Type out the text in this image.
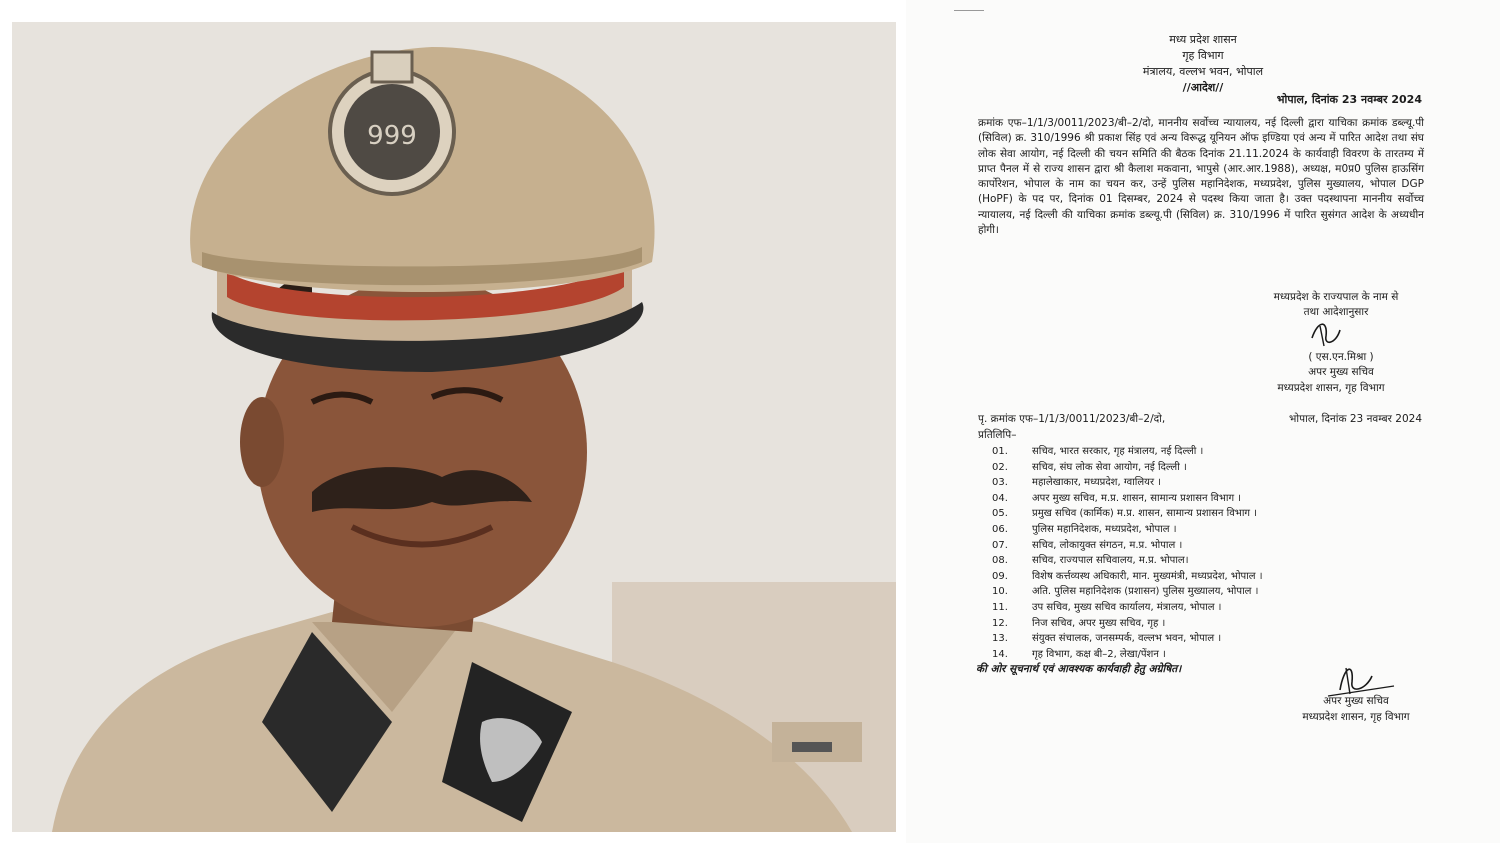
999
मध्य प्रदेश शासन
गृह विभाग
मंत्रालय, वल्लभ भवन, भोपाल
//आदेश//
भोपाल, दिनांक 23 नवम्बर 2024
क्रमांक एफ–1/1/3/0011/2023/बी–2/दो, माननीय सर्वोच्च न्यायालय, नई दिल्ली द्वारा याचिका क्रमांक डब्ल्यू.पी (सिविल) क्र. 310/1996 श्री प्रकाश सिंह एवं अन्य विरूद्ध यूनियन ऑफ इण्डिया एवं अन्य में पारित आदेश तथा संघ लोक सेवा आयोग, नई दिल्ली की चयन समिति की बैठक दिनांक 21.11.2024 के कार्यवाही विवरण के तारतम्य में प्राप्त पैनल में से राज्य शासन द्वारा श्री कैलाश मकवाना, भापुसे (आर.आर.1988), अध्यक्ष, म0प्र0 पुलिस हाऊसिंग कार्पोरेशन, भोपाल के नाम का चयन कर, उन्हें पुलिस महानिदेशक, मध्यप्रदेश, पुलिस मुख्यालय, भोपाल DGP (HoPF) के पद पर, दिनांक 01 दिसम्बर, 2024 से पदस्थ किया जाता है। उक्त पदस्थापना माननीय सर्वोच्च न्यायालय, नई दिल्ली की याचिका क्रमांक डब्ल्यू.पी (सिविल) क्र. 310/1996 में पारित सुसंगत आदेश के अध्यधीन होगी।
मध्यप्रदेश के राज्यपाल के नाम से
तथा आदेशानुसार
( एस.एन.मिश्रा )
अपर मुख्य सचिव
मध्यप्रदेश शासन, गृह विभाग
पृ. क्रमांक एफ–1/1/3/0011/2023/बी–2/दो,	भोपाल, दिनांक 23 नवम्बर 2024
प्रतिलिपि–
01.	सचिव, भारत सरकार, गृह मंत्रालय, नई दिल्ली ।
02.	सचिव, संघ लोक सेवा आयोग, नई दिल्ली ।
03.	महालेखाकार, मध्यप्रदेश, ग्वालियर ।
04.	अपर मुख्य सचिव, म.प्र. शासन, सामान्य प्रशासन विभाग ।
05.	प्रमुख सचिव (कार्मिक) म.प्र. शासन, सामान्य प्रशासन विभाग ।
06.	पुलिस महानिदेशक, मध्यप्रदेश, भोपाल ।
07.	सचिव, लोकायुक्त संगठन, म.प्र. भोपाल ।
08.	सचिव, राज्यपाल सचिवालय, म.प्र. भोपाल।
09.	विशेष कर्त्तव्यस्थ अधिकारी, मान. मुख्यमंत्री, मध्यप्रदेश, भोपाल ।
10.	अति. पुलिस महानिदेशक (प्रशासन) पुलिस मुख्यालय, भोपाल ।
11.	उप सचिव, मुख्य सचिव कार्यालय, मंत्रालय, भोपाल ।
12.	निज सचिव, अपर मुख्य सचिव, गृह ।
13.	संयुक्त संचालक, जनसम्पर्क, वल्लभ भवन, भोपाल ।
14.	गृह विभाग, कक्ष बी–2, लेखा/पेंशन ।
की ओर सूचनार्थ एवं आवश्यक कार्यवाही हेतु अग्रेषित।
अपर मुख्य सचिव
मध्यप्रदेश शासन, गृह विभाग
